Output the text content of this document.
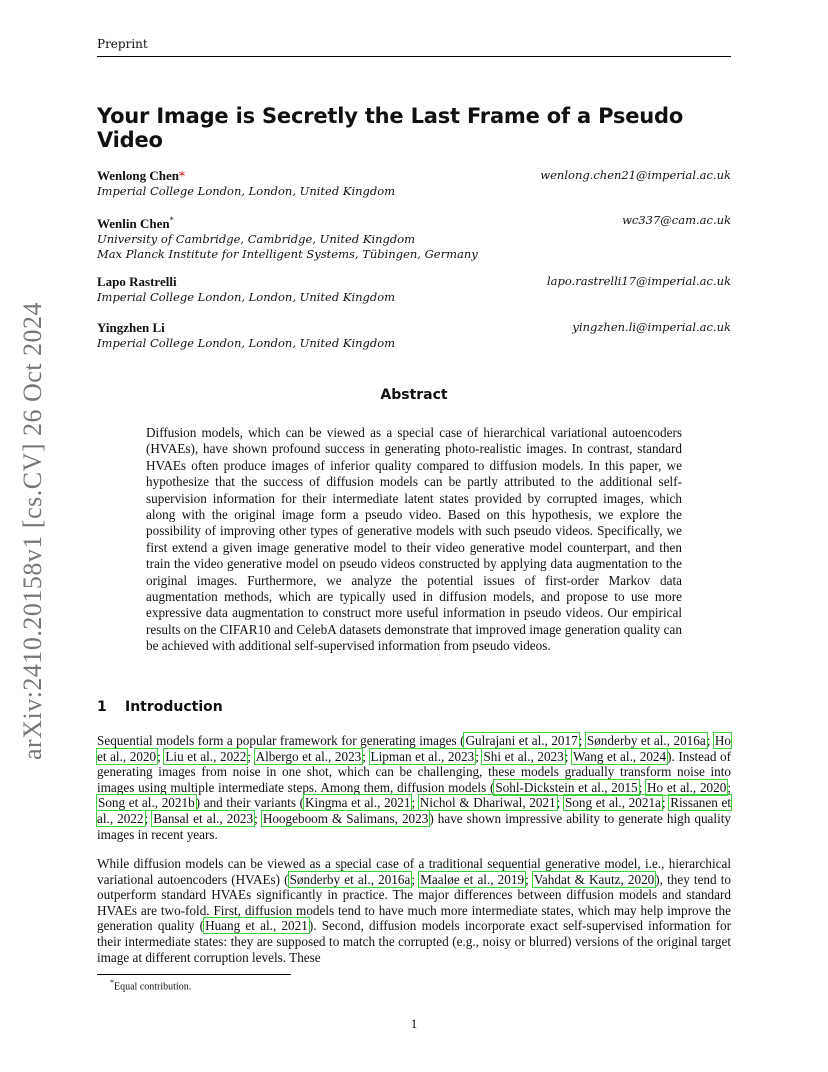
Preprint
arXiv:2410.20158v1 [cs.CV] 26 Oct 2024
Your Image is Secretly the Last Frame of a Pseudo Video
Wenlong Chen*	wenlong.chen21@imperial.ac.uk
Imperial College London, London, United Kingdom
Wenlin Chen*	wc337@cam.ac.uk
University of Cambridge, Cambridge, United Kingdom
Max Planck Institute for Intelligent Systems, Tübingen, Germany
Lapo Rastrelli	lapo.rastrelli17@imperial.ac.uk
Imperial College London, London, United Kingdom
Yingzhen Li	yingzhen.li@imperial.ac.uk
Imperial College London, London, United Kingdom
Abstract
Diffusion models, which can be viewed as a special case of hierarchical variational autoencoders (HVAEs), have shown profound success in generating photo-realistic images. In contrast, standard HVAEs often produce images of inferior quality compared to diffusion models. In this paper, we hypothesize that the success of diffusion models can be partly attributed to the additional self-supervision information for their intermediate latent states provided by corrupted images, which along with the original image form a pseudo video. Based on this hypothesis, we explore the possibility of improving other types of generative models with such pseudo videos. Specifically, we first extend a given image generative model to their video generative model counterpart, and then train the video generative model on pseudo videos constructed by applying data augmentation to the original images. Furthermore, we analyze the potential issues of first-order Markov data augmentation methods, which are typically used in diffusion models, and propose to use more expressive data augmentation to construct more useful information in pseudo videos. Our empirical results on the CIFAR10 and CelebA datasets demonstrate that improved image generation quality can be achieved with additional self-supervised information from pseudo videos.
1 Introduction
Sequential models form a popular framework for generating images (Gulrajani et al., 2017; Sønderby et al., 2016a; Ho et al., 2020; Liu et al., 2022; Albergo et al., 2023; Lipman et al., 2023; Shi et al., 2023; Wang et al., 2024). Instead of generating images from noise in one shot, which can be challenging, these models gradually transform noise into images using multiple intermediate steps. Among them, diffusion models (Sohl-Dickstein et al., 2015; Ho et al., 2020; Song et al., 2021b) and their variants (Kingma et al., 2021; Nichol & Dhariwal, 2021; Song et al., 2021a; Rissanen et al., 2022; Bansal et al., 2023; Hoogeboom & Salimans, 2023) have shown impressive ability to generate high quality images in recent years.
While diffusion models can be viewed as a special case of a traditional sequential generative model, i.e., hierarchical variational autoencoders (HVAEs) (Sønderby et al., 2016a; Maaløe et al., 2019; Vahdat & Kautz, 2020), they tend to outperform standard HVAEs significantly in practice. The major differences between diffusion models and standard HVAEs are two-fold. First, diffusion models tend to have much more intermediate states, which may help improve the generation quality (Huang et al., 2021). Second, diffusion models incorporate exact self-supervised information for their intermediate states: they are supposed to match the corrupted (e.g., noisy or blurred) versions of the original target image at different corruption levels. These
*Equal contribution.
1
